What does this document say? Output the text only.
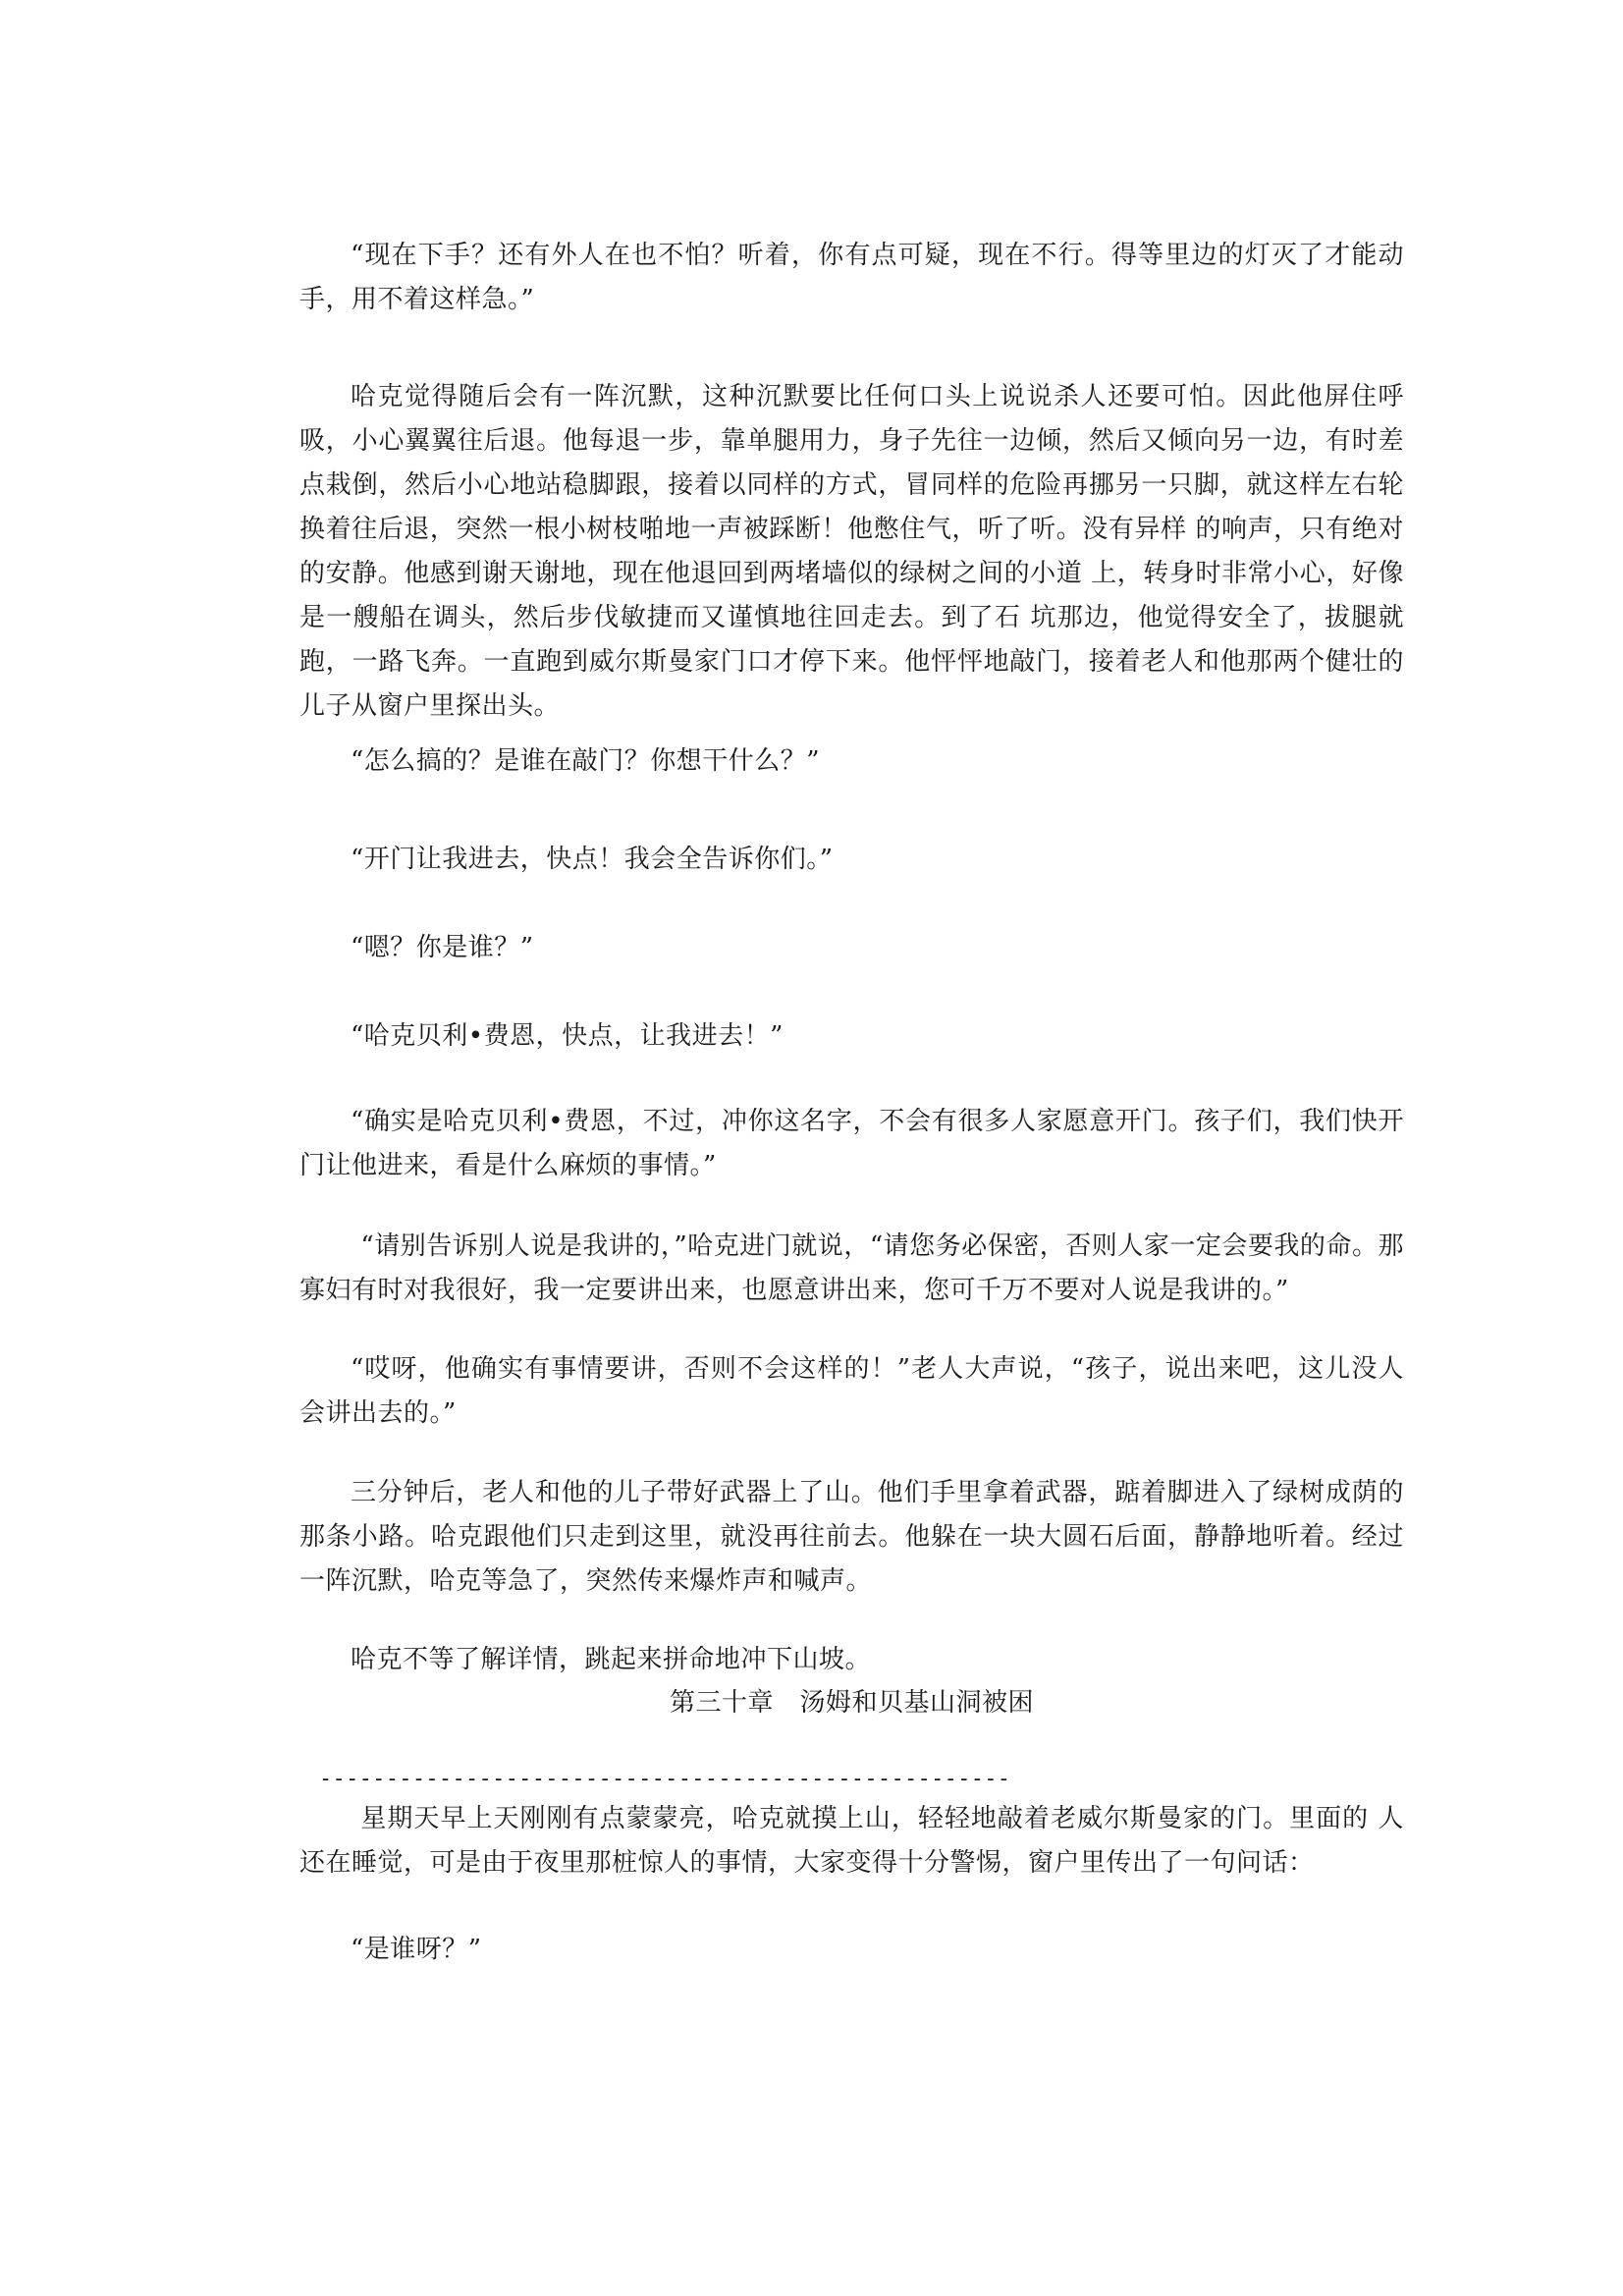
“现在下手？还有外人在也不怕？听着，你有点可疑，现在不行。得等里边的灯灭了才能动手，用不着这样急。”

哈克觉得随后会有一阵沉默，这种沉默要比任何口头上说说杀人还要可怕。因此他屏住呼吸，小心翼翼往后退。他每退一步，靠单腿用力，身子先往一边倾，然后又倾向另一边，有时差点栽倒，然后小心地站稳脚跟，接着以同样的方式，冒同样的危险再挪另一只脚，就这样左右轮换着往后退，突然一根小树枝啪地一声被踩断！他憋住气，听了听。没有异样 的响声，只有绝对的安静。他感到谢天谢地，现在他退回到两堵墙似的绿树之间的小道 上，转身时非常小心，好像是一艘船在调头，然后步伐敏捷而又谨慎地往回走去。到了石 坑那边，他觉得安全了，拔腿就跑，一路飞奔。一直跑到威尔斯曼家门口才停下来。他怦怦地敲门，接着老人和他那两个健壮的儿子从窗户里探出头。

“怎么搞的？是谁在敲门？你想干什么？”

“开门让我进去，快点！我会全告诉你们。”

“嗯？你是谁？”

“哈克贝利•费恩，快点，让我进去！”

“确实是哈克贝利•费恩，不过，冲你这名字，不会有很多人家愿意开门。孩子们，我们快开门让他进来，看是什么麻烦的事情。”

“请别告诉别人说是我讲的，”哈克进门就说，“请您务必保密，否则人家一定会要我的命。那寡妇有时对我很好，我一定要讲出来，也愿意讲出来，您可千万不要对人说是我讲的。”

“哎呀，他确实有事情要讲，否则不会这样的！”老人大声说，“孩子，说出来吧，这儿没人会讲出去的。”

三分钟后，老人和他的儿子带好武器上了山。他们手里拿着武器，踮着脚进入了绿树成荫的那条小路。哈克跟他们只走到这里，就没再往前去。他躲在一块大圆石后面，静静地听着。经过一阵沉默，哈克等急了，突然传来爆炸声和喊声。

哈克不等了解详情，跳起来拼命地冲下山坡。

第三十章　汤姆和贝基山洞被困

----------------------------------------------------

星期天早上天刚刚有点蒙蒙亮，哈克就摸上山，轻轻地敲着老威尔斯曼家的门。里面的 人还在睡觉，可是由于夜里那桩惊人的事情，大家变得十分警惕，窗户里传出了一句问话：

“是谁呀？”
